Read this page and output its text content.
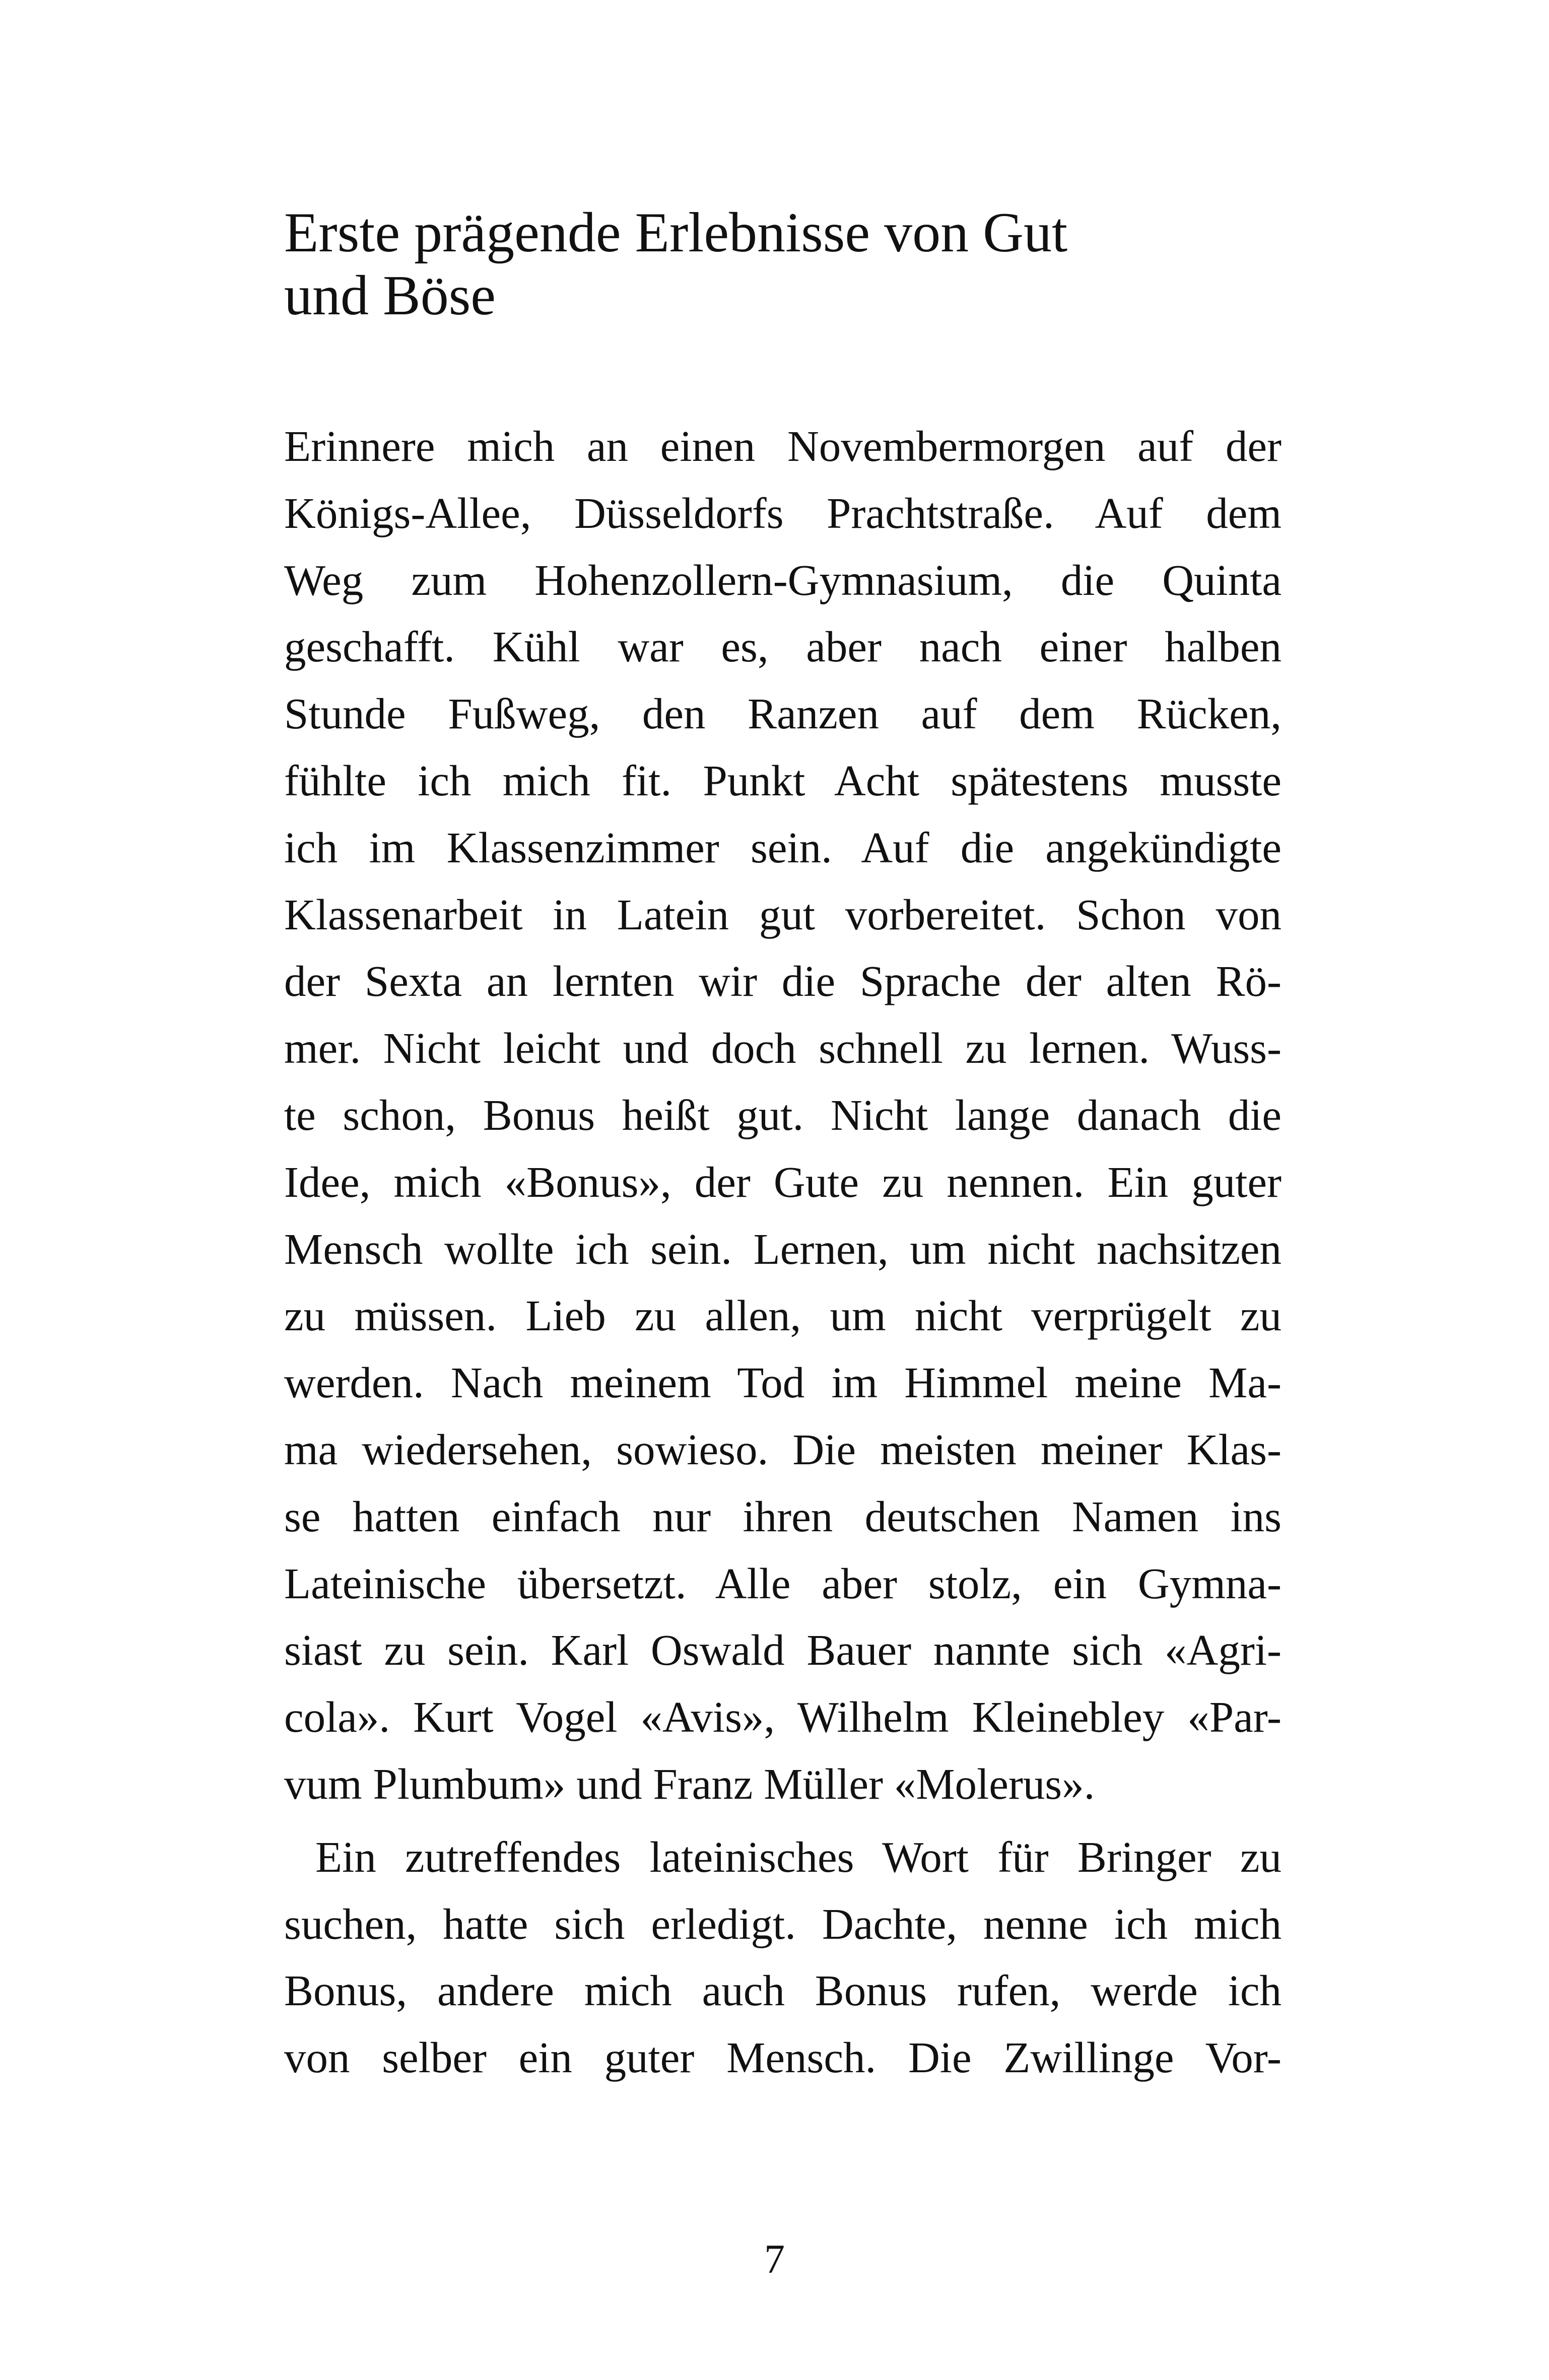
Erste prägende Erlebnisse von Gut
und Böse
Erinnere mich an einen Novembermorgen auf der
Königs-Allee, Düsseldorfs Prachtstraße. Auf dem
Weg zum Hohenzollern-Gymnasium, die Quinta
geschafft. Kühl war es, aber nach einer halben
Stunde Fußweg, den Ranzen auf dem Rücken,
fühlte ich mich fit. Punkt Acht spätestens musste
ich im Klassenzimmer sein. Auf die angekündigte
Klassenarbeit in Latein gut vorbereitet. Schon von
der Sexta an lernten wir die Sprache der alten Rö-
mer. Nicht leicht und doch schnell zu lernen. Wuss-
te schon, Bonus heißt gut. Nicht lange danach die
Idee, mich «Bonus», der Gute zu nennen. Ein guter
Mensch wollte ich sein. Lernen, um nicht nachsitzen
zu müssen. Lieb zu allen, um nicht verprügelt zu
werden. Nach meinem Tod im Himmel meine Ma-
ma wiedersehen, sowieso. Die meisten meiner Klas-
se hatten einfach nur ihren deutschen Namen ins
Lateinische übersetzt. Alle aber stolz, ein Gymna-
siast zu sein. Karl Oswald Bauer nannte sich «Agri-
cola». Kurt Vogel «Avis», Wilhelm Kleinebley «Par-
vum Plumbum» und Franz Müller «Molerus».
Ein zutreffendes lateinisches Wort für Bringer zu
suchen, hatte sich erledigt. Dachte, nenne ich mich
Bonus, andere mich auch Bonus rufen, werde ich
von selber ein guter Mensch. Die Zwillinge Vor-
7
